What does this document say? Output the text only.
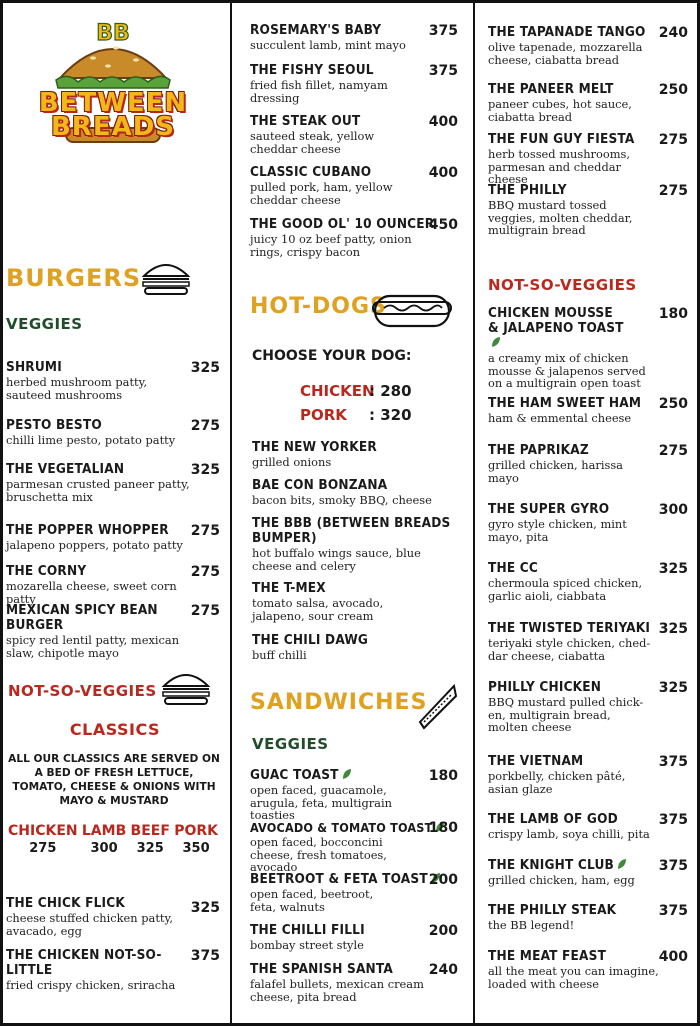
BB
BETWEEN
BREADS
BURGERS
VEGGIES
SHRUMI
herbed mushroom patty, sauteed mushrooms
325
PESTO BESTO
chilli lime pesto, potato patty
275
THE VEGETALIAN
parmesan crusted paneer patty, bruschetta mix
325
THE POPPER WHOPPER
jalapeno poppers, potato patty
275
THE CORNY
mozarella cheese, sweet corn patty
275
MEXICAN SPICY BEAN BURGER
spicy red lentil patty, mexican slaw, chipotle mayo
275
NOT-SO-VEGGIES
CLASSICS
ALL OUR CLASSICS ARE SERVED ON A BED OF FRESH LETTUCE, TOMATO, CHEESE & ONIONS WITH MAYO & MUSTARD
CHICKEN
275
LAMB
300
BEEF
325
PORK
350
THE CHICK FLICK
cheese stuffed chicken patty, avacado, egg
325
THE CHICKEN NOT-SO-LITTLE
fried crispy chicken, sriracha
375
ROSEMARY'S BABY
succulent lamb, mint mayo
375
THE FISHY SEOUL
fried fish fillet, namyam dressing
375
THE STEAK OUT
sauteed steak, yellow cheddar cheese
400
CLASSIC CUBANO
pulled pork, ham, yellow cheddar cheese
400
THE GOOD OL' 10 OUNCER
juicy 10 oz beef patty, onion rings, crispy bacon
450
HOT-DOGS
CHOOSE YOUR DOG:
CHICKEN
: 280
PORK : 320
THE NEW YORKER
grilled onions
BAE CON BONZANA
bacon bits, smoky BBQ, cheese
THE BBB (BETWEEN BREADS BUMPER)
hot buffalo wings sauce, blue cheese and celery
THE T-MEX
tomato salsa, avocado, jalapeno, sour cream
THE CHILI DAWG
buff chilli
SANDWICHES
VEGGIES
GUAC TOAST
open faced, guacamole, arugula, feta, multigrain toasties
180
AVOCADO & TOMATO TOAST
open faced, bocconcini cheese, fresh tomatoes, avocado
180
BEETROOT & FETA TOAST
open faced, beetroot, feta, walnuts
200
THE CHILLI FILLI
bombay street style
200
THE SPANISH SANTA
falafel bullets, mexican cream cheese, pita bread
240
THE TAPANADE TANGO
olive tapenade, mozzarella cheese, ciabatta bread
240
THE PANEER MELT
paneer cubes, hot sauce, ciabatta bread
250
THE FUN GUY FIESTA
herb tossed mushrooms, parmesan and cheddar cheese
275
THE PHILLY
BBQ mustard tossed veggies, molten cheddar, multigrain bread
275
NOT-SO-VEGGIES
CHICKEN MOUSSE & JALAPENO TOAST
a creamy mix of chicken mousse & jalapenos served on a multigrain open toast
180
THE HAM SWEET HAM
ham & emmental cheese
250
THE PAPRIKAZ
grilled chicken, harissa mayo
275
THE SUPER GYRO
gyro style chicken, mint mayo, pita
300
THE CC
chermoula spiced chicken, garlic aioli, ciabbata
325
THE TWISTED TERIYAKI
teriyaki style chicken, ched-dar cheese, ciabatta
325
PHILLY CHICKEN
BBQ mustard pulled chick-en, multigrain bread, molten cheese
325
THE VIETNAM
porkbelly, chicken pâté, asian glaze
375
THE LAMB OF GOD
crispy lamb, soya chilli, pita
375
THE KNIGHT CLUB
grilled chicken, ham, egg
375
THE PHILLY STEAK
the BB legend!
375
THE MEAT FEAST
all the meat you can imagine, loaded with cheese
400
